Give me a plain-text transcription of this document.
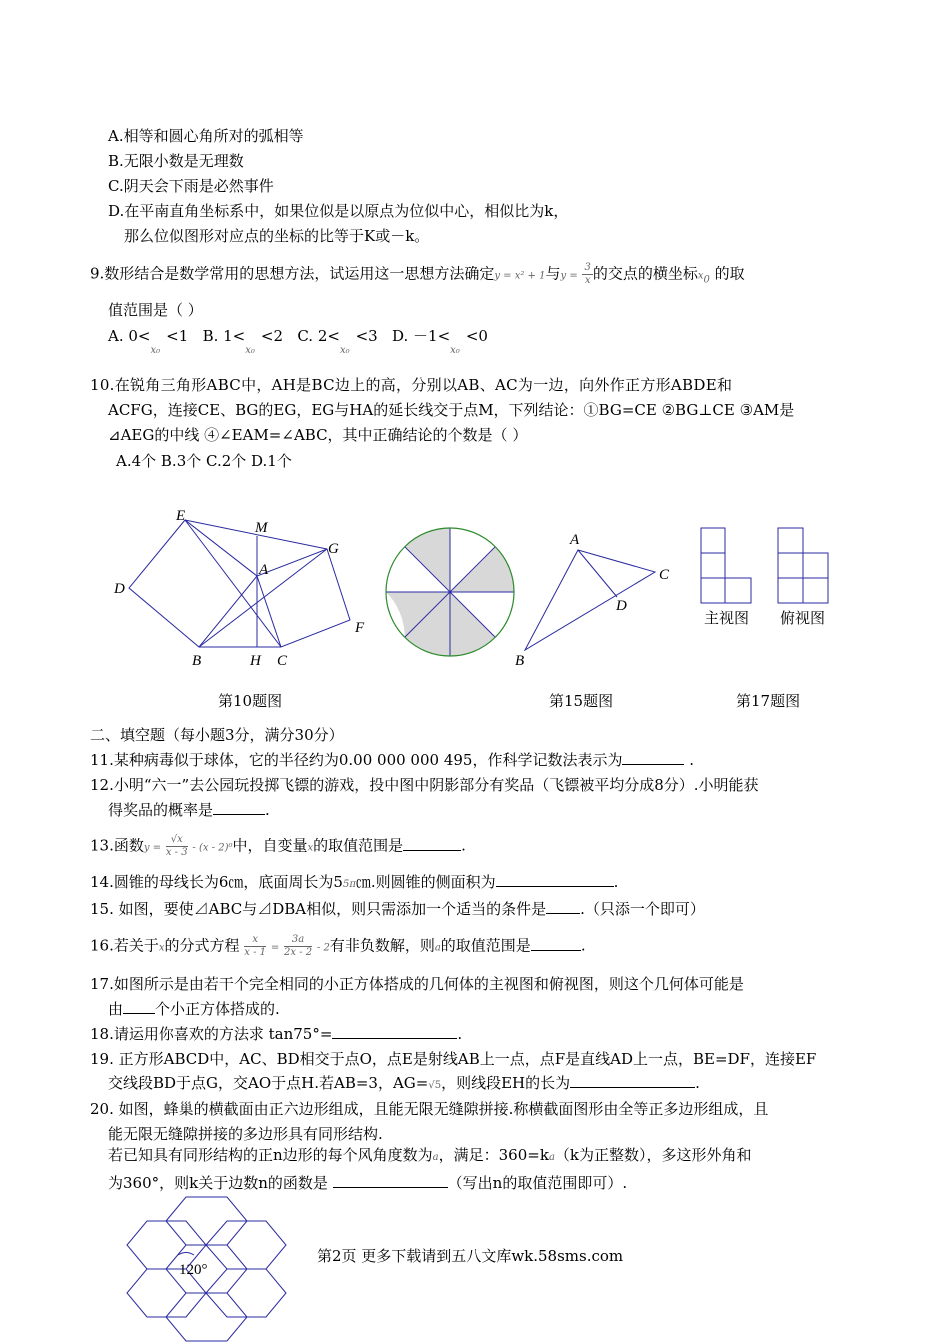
A.相等和圆心角所对的弧相等
B.无限小数是无理数
C.阴天会下雨是必然事件
D.在平南直角坐标系中，如果位似是以原点为位似中心，相似比为k，
那么位似图形对应点的坐标的比等于K或－k。
9.数形结合是数学常用的思想方法，试运用这一思想方法确定y = x² + 1与$y = \frac{3}{x}$ 的交点的横坐标$x_0$ 的取
值范围是（ ）
A. $0<_{x_0}<1$ B. $1<_{x_0}<2$ C. $2<_{x_0}<3$ D. $-1<_{x_0}<0$
10.在锐角三角形ABC中，AH是BC边上的高，分别以AB、AC为一边，向外作正方形ABDE和
ACFG，连接CE、BG的EG，EG与HA的延长线交于点M，下列结论：①BG=CE ②BG⊥CE ③AM是
⊿AEG的中线 ④∠EAM=∠ABC，其中正确结论的个数是（ ）
A.4个 B.3个 C.2个 D.1个
E
M
G
A
D
F
B	H C
A
C
D
B
主视图 俯视图
第10题图	第15题图	第17题图
二、填空题（每小题3分，满分30分）
11.某种病毒似于球体，它的半径约为0.00 000 000 495，作科学记数法表示为	.
12.小明“六一”去公园玩投掷飞镖的游戏，投中图中阴影部分有奖品（飞镖被平均分成8分）.小明能获
得奖品的概率是	.
13.函数$y = \frac{√x}{x - 3} - (x - 2)^0$中，自变量x的取值范围是	.
14.圆锥的母线长为6㎝，底面周长为55π㎝.则圆锥的侧面积为	.
15. 如图，要使⊿ABC与⊿DBA相似，则只需添加一个适当的条件是 .（只添一个即可）
16.若关于x的分式方程 $\frac{x}{x - 1} = \frac{3a}{2x - 2} - 2$有非负数解，则a的取值范围是	.
17.如图所示是由若干个完全相同的小正方体搭成的几何体的主视图和俯视图，则这个几何体可能是
由 个小正方体搭成的.
18.请运用你喜欢的方法求 tan75°=	.
19. 正方形ABCD中，AC、BD相交于点O，点E是射线AB上一点，点F是直线AD上一点，BE=DF，连接EF
交线段BD于点G，交AO于点H.若AB=3，AG=√5，则线段EH的长为	.
20. 如图，蜂巢的横截面由正六边形组成，且能无限无缝隙拼接.称横截面图形由全等正多边形组成，且
能无限无缝隙拼接的多边形具有同形结构.
若已知具有同形结构的正n边形的每个风角度数为a，满足：360=ka（k为正整数），多这形外角和
为360°，则k关于边数n的函数是	（写出n的取值范围即可）.
120°
第2页 更多下载请到五八文库wk.58sms.com
